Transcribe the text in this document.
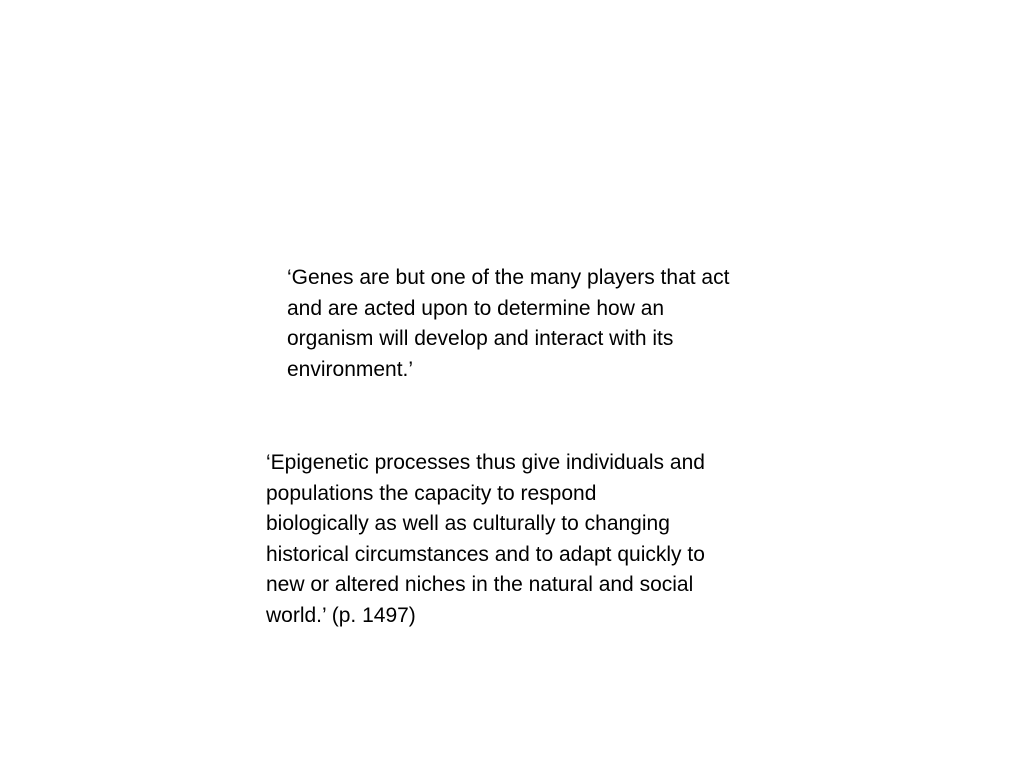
‘Genes are but one of the many players that act
and are acted upon to determine how an
organism will develop and interact with its
environment.’

‘Epigenetic processes thus give individuals and
populations the capacity to respond
biologically as well as culturally to changing
historical circumstances and to adapt quickly to
new or altered niches in the natural and social
world.’ (p. 1497)
